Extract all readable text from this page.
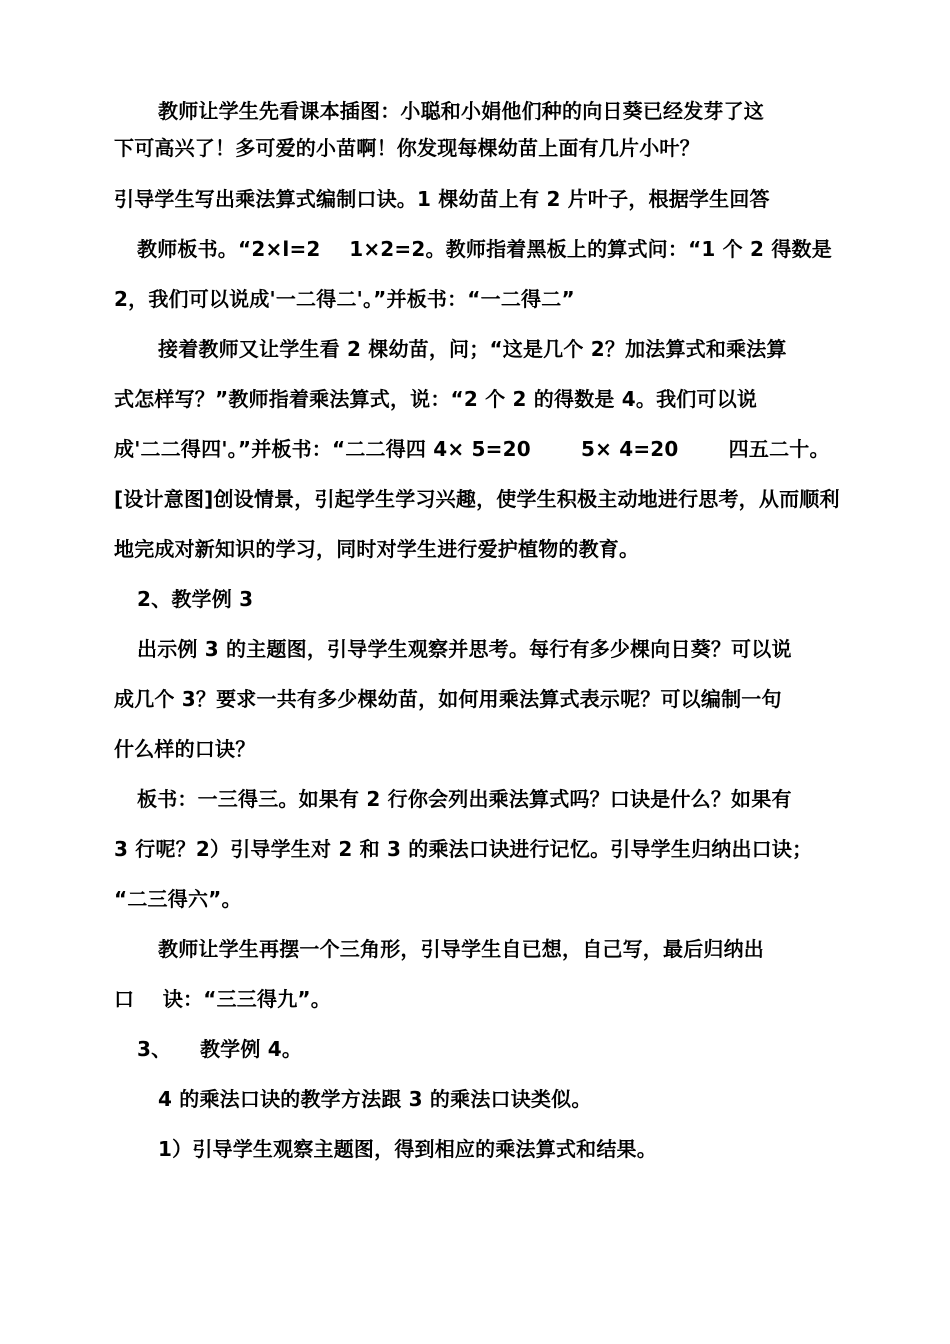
教师让学生先看课本插图：小聪和小娟他们种的向日葵已经发芽了这
下可高兴了！多可爱的小苗啊！你发现每棵幼苗上面有几片小叶？
引导学生写出乘法算式编制口诀。1 棵幼苗上有 2 片叶子，根据学生回答
教师板书。“2×l=2    1×2=2。教师指着黑板上的算式问：“1 个 2 得数是
2，我们可以说成'一二得二'。”并板书：“一二得二”
接着教师又让学生看 2 棵幼苗，问；“这是几个 2？加法算式和乘法算
式怎样写？”教师指着乘法算式，说：“2 个 2 的得数是 4。我们可以说
成'二二得四'。”并板书：“二二得四 4× 5=20       5× 4=20       四五二十。
[设计意图]创设情景，引起学生学习兴趣，使学生积极主动地进行思考，从而顺利
地完成对新知识的学习，同时对学生进行爱护植物的教育。
2、教学例 3
出示例 3 的主题图，引导学生观察并思考。每行有多少棵向日葵？可以说
成几个 3？要求一共有多少棵幼苗，如何用乘法算式表示呢？可以编制一句
什么样的口诀？
板书：一三得三。如果有 2 行你会列出乘法算式吗？口诀是什么？如果有
3 行呢？2）引导学生对 2 和 3 的乘法口诀进行记忆。引导学生归纳出口诀；
“二三得六”。
教师让学生再摆一个三角形，引导学生自已想，自己写，最后归纳出
口    诀：“三三得九”。
3、    教学例 4。
4 的乘法口诀的教学方法跟 3 的乘法口诀类似。
1）引导学生观察主题图，得到相应的乘法算式和结果。
